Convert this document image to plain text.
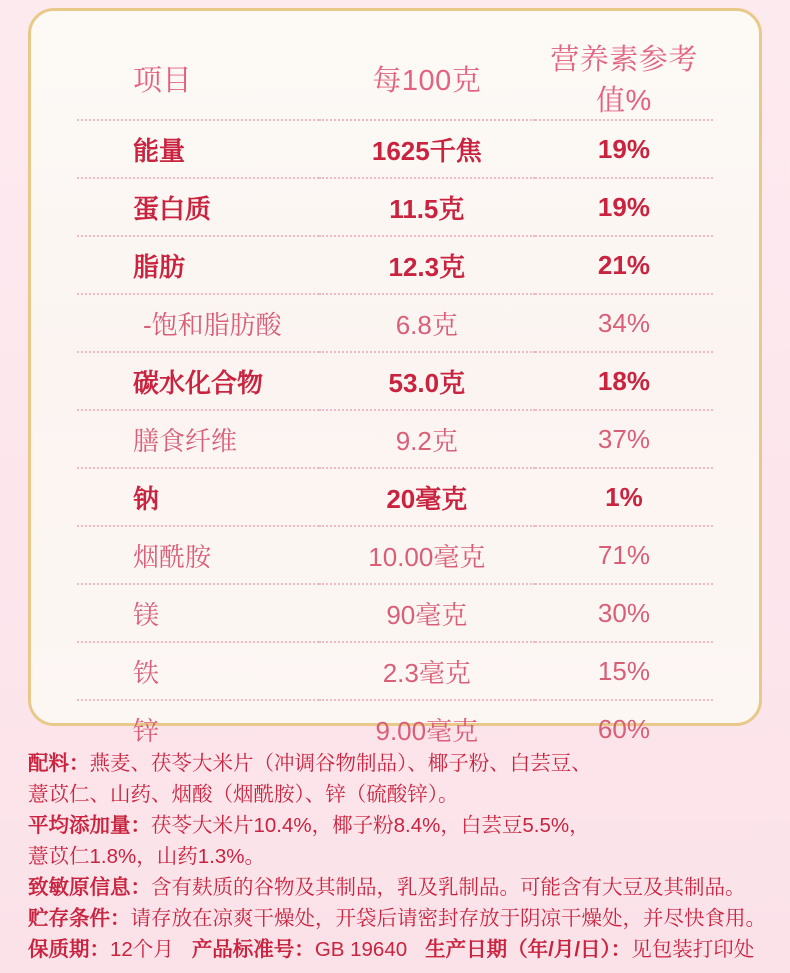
项目	每100克	营养素参考值%
能量	1625千焦	19%
蛋白质	11.5克	19%
脂肪	12.3克	21%
-饱和脂肪酸	6.8克	34%
碳水化合物	53.0克	18%
膳食纤维	9.2克	37%
钠	20毫克	1%
烟酰胺	10.00毫克	71%
镁	90毫克	30%
铁	2.3毫克	15%
锌	9.00毫克	60%
配料： 燕麦、茯苓大米片（冲调谷物制品）、椰子粉、白芸豆、
薏苡仁、山药、烟酸（烟酰胺）、锌（硫酸锌）。
平均添加量： 茯苓大米片10.4%，椰子粉8.4%，白芸豆5.5%，
薏苡仁1.8%，山药1.3%。
致敏原信息： 含有麸质的谷物及其制品，乳及乳制品。可能含有大豆及其制品。
贮存条件： 请存放在凉爽干燥处，开袋后请密封存放于阴凉干燥处，并尽快食用。
保质期： 12个月 产品标准号： GB 19640 生产日期（年/月/日）： 见包装打印处
